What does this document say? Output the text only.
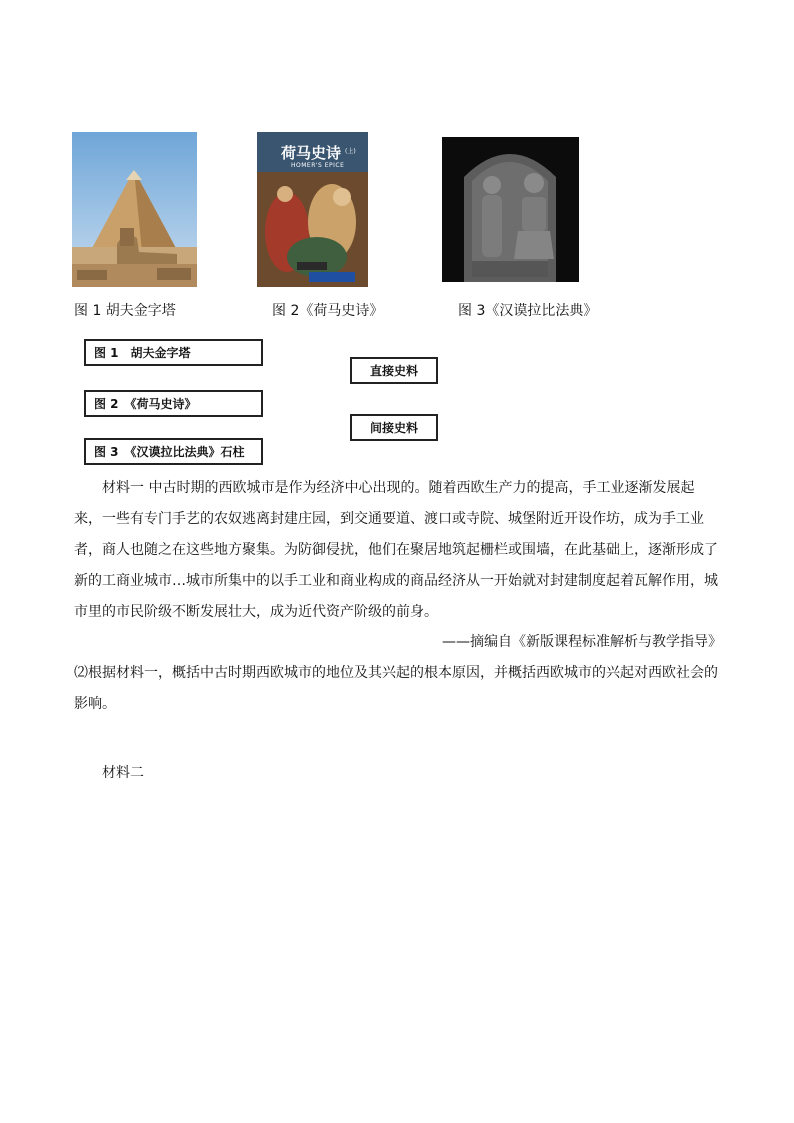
荷马史诗 (上)
HOMER'S EPICE
图 1 胡夫金字塔	图 2《荷马史诗》	图 3《汉谟拉比法典》
图 1　胡夫金字塔
图 2　《荷马史诗》
图 3　《汉谟拉比法典》石柱
直接史料
间接史料
材料一 中古时期的西欧城市是作为经济中心出现的。随着西欧生产力的提高，手工业逐渐发展起来，一些有专门手艺的农奴逃离封建庄园，到交通要道、渡口或寺院、城堡附近开设作坊，成为手工业者，商人也随之在这些地方聚集。为防御侵扰，他们在聚居地筑起栅栏或围墙，在此基础上，逐渐形成了新的工商业城市…城市所集中的以手工业和商业构成的商品经济从一开始就对封建制度起着瓦解作用，城市里的市民阶级不断发展壮大，成为近代资产阶级的前身。
——摘编自《新版课程标准解析与教学指导》
⑵根据材料一，概括中古时期西欧城市的地位及其兴起的根本原因，并概括西欧城市的兴起对西欧社会的影响。
材料二
